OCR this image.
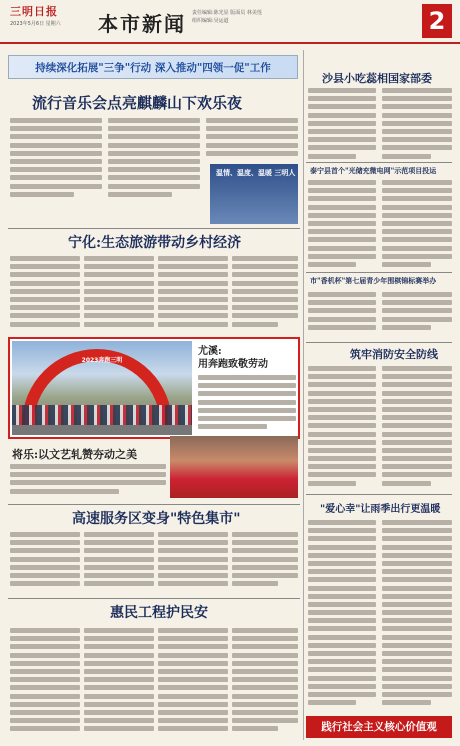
三明日报
2023年5月6日 星期六 本市新闻 责任编辑:陈光显 版面员 林美莲
组织编辑:吴运道	2
持续深化拓展"三争"行动 深入推动"四领一促"工作
流行音乐会点亮麒麟山下欢乐夜
温情、温度、温暖 三明人
宁化:生态旅游带动乡村经济
2023奔跑三明
尤溪:
用奔跑致敬劳动
将乐:以文艺轧赞夯动之美
高速服务区变身"特色集市"
惠民工程护民安
沙县小吃蕊相国家部委
泰宁县首个"光储充微电网"示范项目投运
市"香机杯"第七届青少年围棋锦标赛举办
筑牢消防安全防线
"爱心幸"让雨季出行更温暖
践行社会主义核心价值观
